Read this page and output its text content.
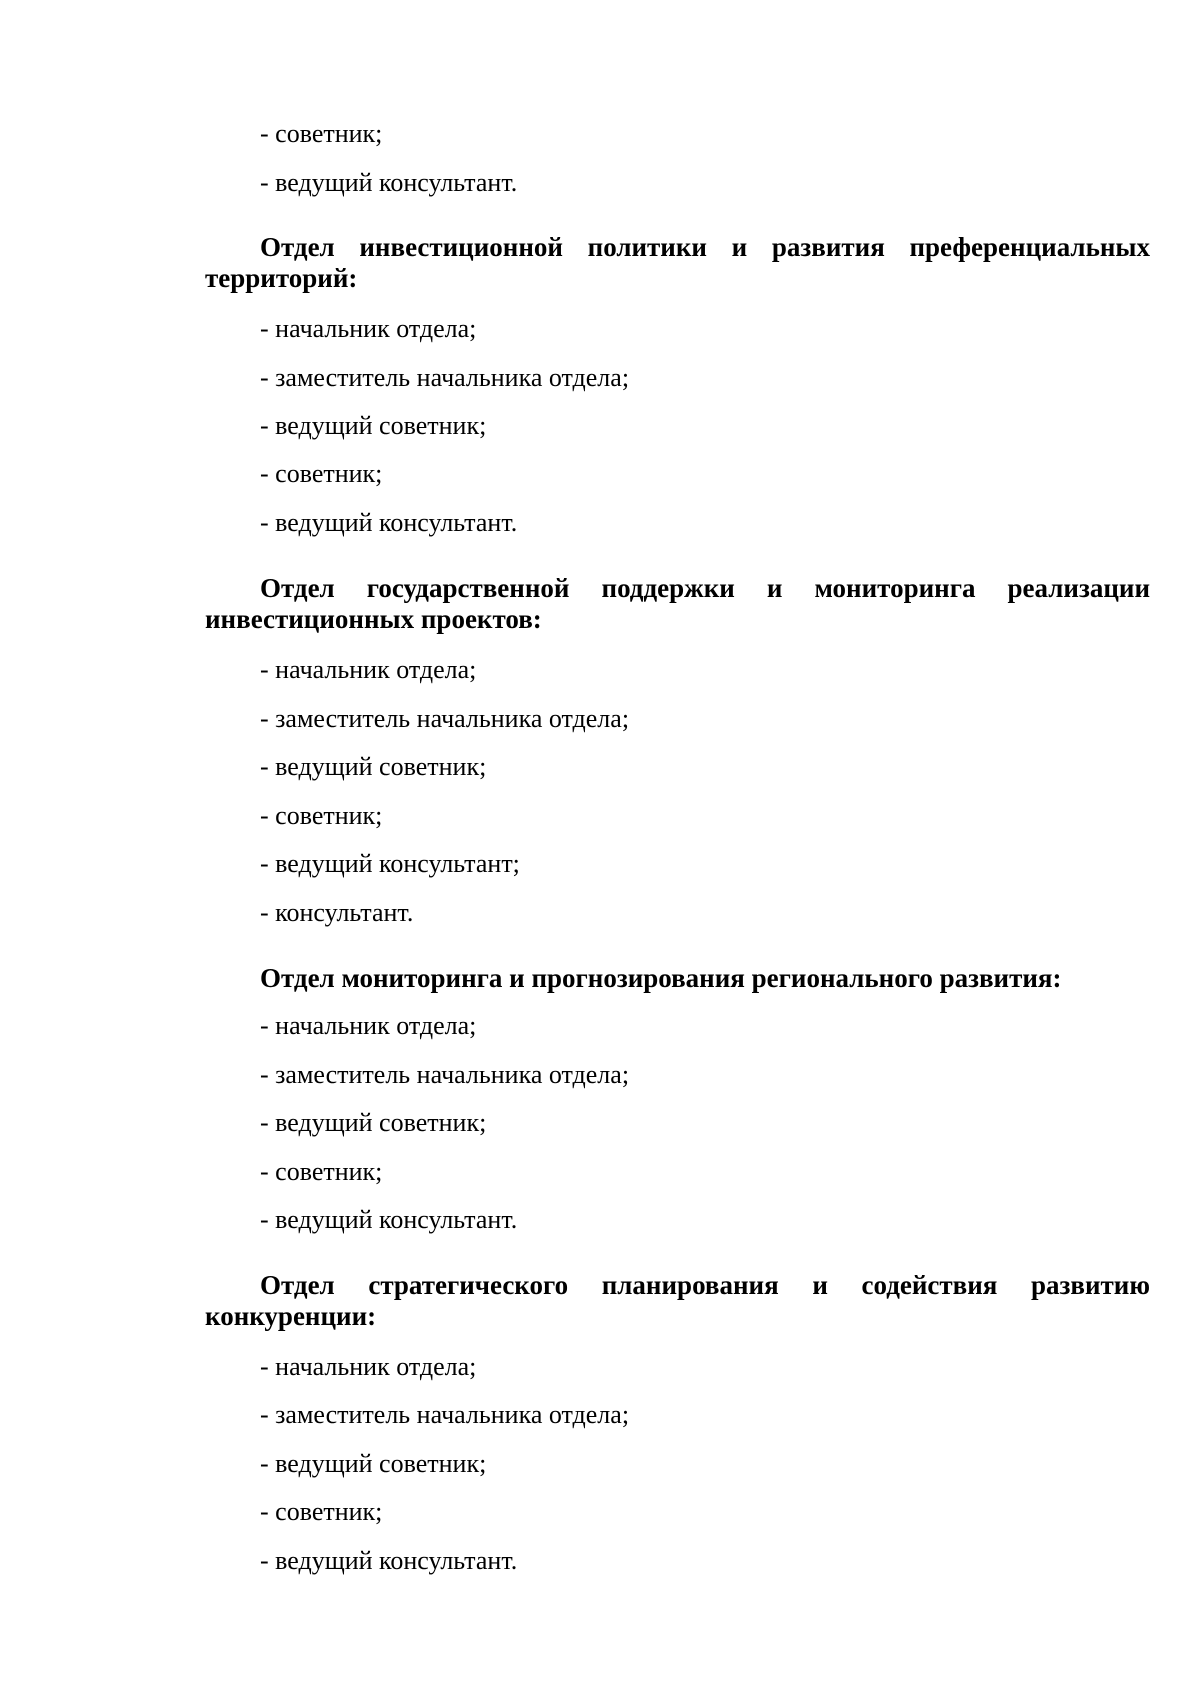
- советник;
- ведущий консультант.
Отдел инвестиционной политики и развития преференциальных
территорий:
- начальник отдела;
- заместитель начальника отдела;
- ведущий советник;
- советник;
- ведущий консультант.
Отдел государственной поддержки и мониторинга реализации
инвестиционных проектов:
- начальник отдела;
- заместитель начальника отдела;
- ведущий советник;
- советник;
- ведущий консультант;
- консультант.
Отдел мониторинга и прогнозирования регионального развития:
- начальник отдела;
- заместитель начальника отдела;
- ведущий советник;
- советник;
- ведущий консультант.
Отдел стратегического планирования и содействия развитию
конкуренции:
- начальник отдела;
- заместитель начальника отдела;
- ведущий советник;
- советник;
- ведущий консультант.
